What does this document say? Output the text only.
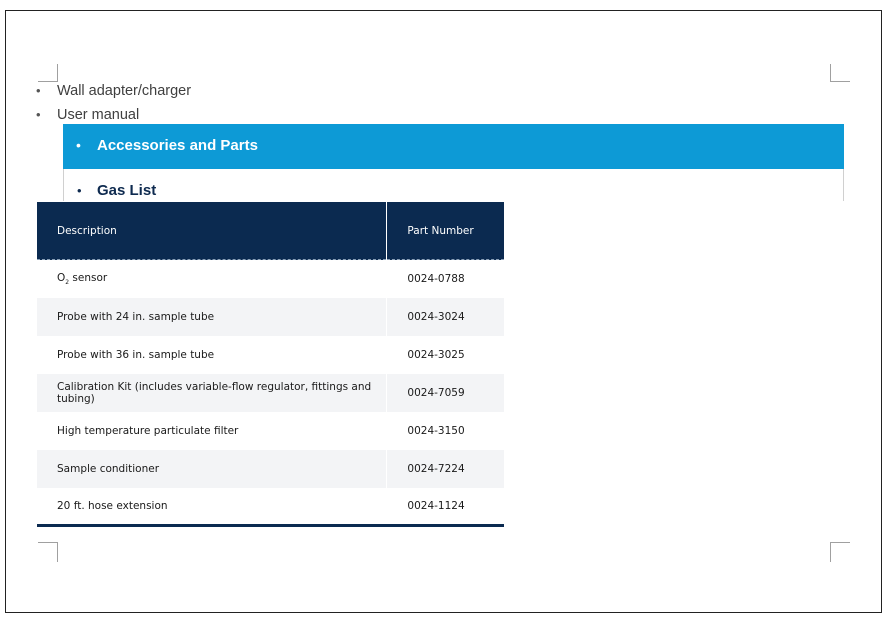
• Wall adapter/charger
• User manual
• Accessories and Parts
• Gas List
Description	Part Number
$O_2$ sensor	0024-0788
Probe with 24 in. sample tube	0024-3024
Probe with 36 in. sample tube	0024-3025
Calibration Kit (includes variable-flow regulator, fittings and tubing)	0024-7059
High temperature particulate filter	0024-3150
Sample conditioner	0024-7224
20 ft. hose extension	0024-1124
